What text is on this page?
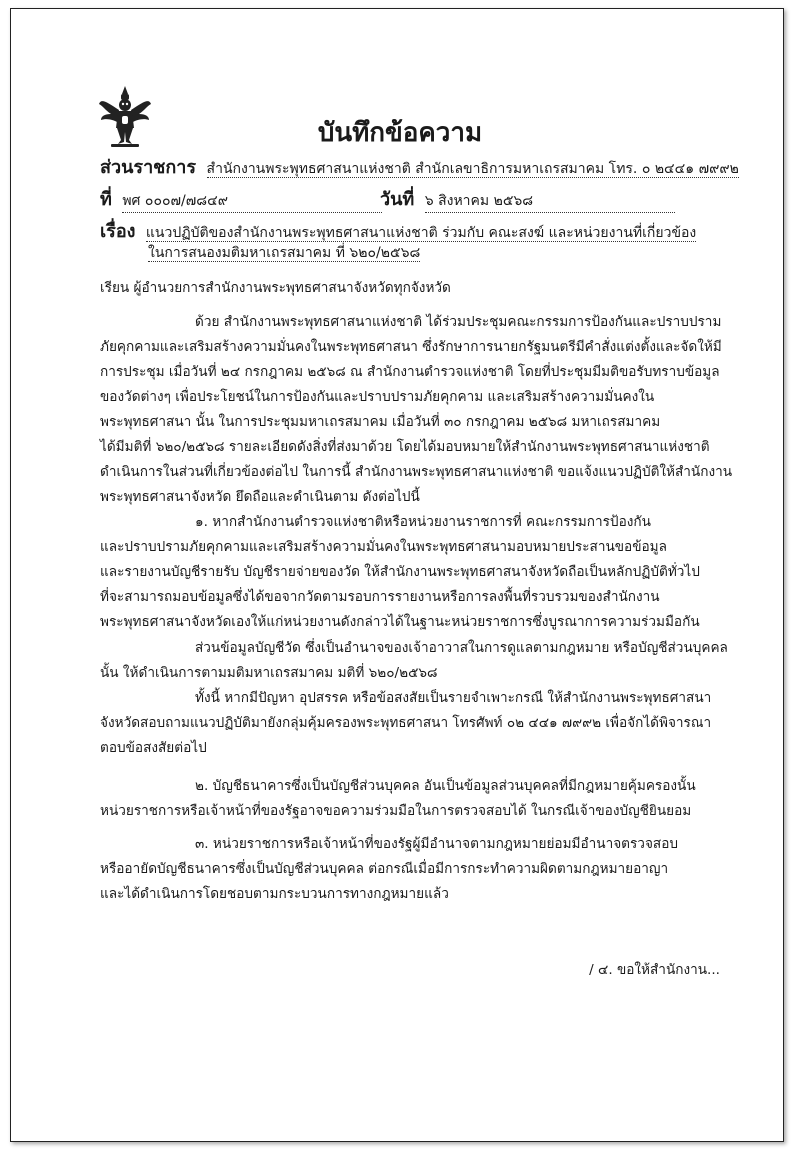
บันทึกข้อความ
ส่วนราชการ สำนักงานพระพุทธศาสนาแห่งชาติ สำนักเลขาธิการมหาเถรสมาคม โทร. ๐ ๒๔๔๑ ๗๙๙๒
ที่ พศ ๐๐๐๗/๗๘๔๙	วันที่ ๖ สิงหาคม ๒๕๖๘
เรื่อง แนวปฏิบัติของสำนักงานพระพุทธศาสนาแห่งชาติ ร่วมกับ คณะสงฆ์ และหน่วยงานที่เกี่ยวข้อง
ในการสนองมติมหาเถรสมาคม ที่ ๖๒๐/๒๕๖๘
เรียน ผู้อำนวยการสำนักงานพระพุทธศาสนาจังหวัดทุกจังหวัด
ด้วย สำนักงานพระพุทธศาสนาแห่งชาติ ได้ร่วมประชุมคณะกรรมการป้องกันและปราบปราม
ภัยคุกคามและเสริมสร้างความมั่นคงในพระพุทธศาสนา ซึ่งรักษาการนายกรัฐมนตรีมีคำสั่งแต่งตั้งและจัดให้มี
การประชุม เมื่อวันที่ ๒๔ กรกฎาคม ๒๕๖๘ ณ สำนักงานตำรวจแห่งชาติ โดยที่ประชุมมีมติขอรับทราบข้อมูล
ของวัดต่างๆ เพื่อประโยชน์ในการป้องกันและปราบปรามภัยคุกคาม และเสริมสร้างความมั่นคงใน
พระพุทธศาสนา นั้น ในการประชุมมหาเถรสมาคม เมื่อวันที่ ๓๐ กรกฎาคม ๒๕๖๘ มหาเถรสมาคม
ได้มีมติที่ ๖๒๐/๒๕๖๘ รายละเอียดดังสิ่งที่ส่งมาด้วย โดยได้มอบหมายให้สำนักงานพระพุทธศาสนาแห่งชาติ
ดำเนินการในส่วนที่เกี่ยวข้องต่อไป ในการนี้ สำนักงานพระพุทธศาสนาแห่งชาติ ขอแจ้งแนวปฏิบัติให้สำนักงาน
พระพุทธศาสนาจังหวัด ยึดถือและดำเนินตาม ดังต่อไปนี้
๑. หากสำนักงานตำรวจแห่งชาติหรือหน่วยงานราชการที่ คณะกรรมการป้องกัน
และปราบปรามภัยคุกคามและเสริมสร้างความมั่นคงในพระพุทธศาสนามอบหมายประสานขอข้อมูล
และรายงานบัญชีรายรับ บัญชีรายจ่ายของวัด ให้สำนักงานพระพุทธศาสนาจังหวัดถือเป็นหลักปฏิบัติทั่วไป
ที่จะสามารถมอบข้อมูลซึ่งได้ขอจากวัดตามรอบการรายงานหรือการลงพื้นที่รวบรวมของสำนักงาน
พระพุทธศาสนาจังหวัดเองให้แก่หน่วยงานดังกล่าวได้ในฐานะหน่วยราชการซึ่งบูรณาการความร่วมมือกัน
ส่วนข้อมูลบัญชีวัด ซึ่งเป็นอำนาจของเจ้าอาวาสในการดูแลตามกฎหมาย หรือบัญชีส่วนบุคคล
นั้น ให้ดำเนินการตามมติมหาเถรสมาคม มติที่ ๖๒๐/๒๕๖๘
ทั้งนี้ หากมีปัญหา อุปสรรค หรือข้อสงสัยเป็นรายจำเพาะกรณี ให้สำนักงานพระพุทธศาสนา
จังหวัดสอบถามแนวปฏิบัติมายังกลุ่มคุ้มครองพระพุทธศาสนา โทรศัพท์ ๐๒ ๔๔๑ ๗๙๙๒ เพื่อจักได้พิจารณา
ตอบข้อสงสัยต่อไป
๒. บัญชีธนาคารซึ่งเป็นบัญชีส่วนบุคคล อันเป็นข้อมูลส่วนบุคคลที่มีกฎหมายคุ้มครองนั้น
หน่วยราชการหรือเจ้าหน้าที่ของรัฐอาจขอความร่วมมือในการตรวจสอบได้ ในกรณีเจ้าของบัญชียินยอม
๓. หน่วยราชการหรือเจ้าหน้าที่ของรัฐผู้มีอำนาจตามกฎหมายย่อมมีอำนาจตรวจสอบ
หรืออายัดบัญชีธนาคารซึ่งเป็นบัญชีส่วนบุคคล ต่อกรณีเมื่อมีการกระทำความผิดตามกฎหมายอาญา
และได้ดำเนินการโดยชอบตามกระบวนการทางกฎหมายแล้ว
/ ๔. ขอให้สำนักงาน...
